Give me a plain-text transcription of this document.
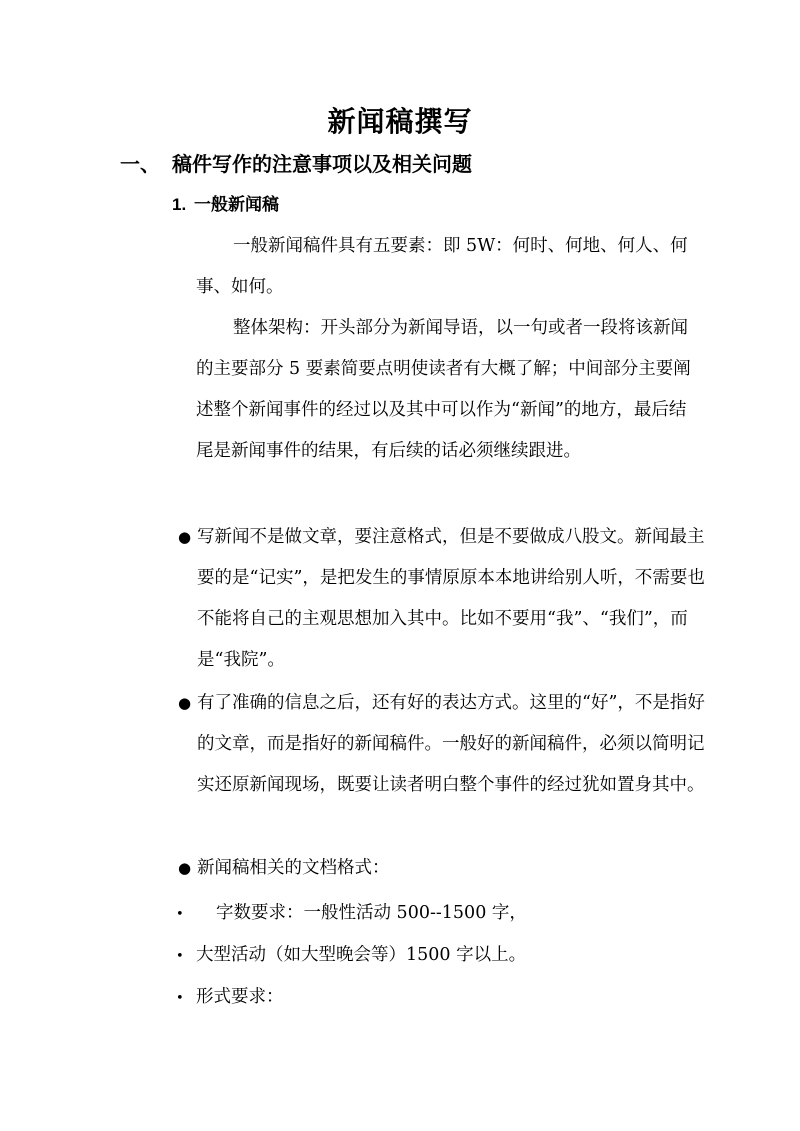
新闻稿撰写
一、 稿件写作的注意事项以及相关问题
1. 一般新闻稿

一般新闻稿件具有五要素：即 5W：何时、何地、何人、何事、如何。

整体架构：开头部分为新闻导语，以一句或者一段将该新闻的主要部分 5 要素简要点明使读者有大概了解；中间部分主要阐述整个新闻事件的经过以及其中可以作为“新闻”的地方，最后结尾是新闻事件的结果，有后续的话必须继续跟进。

● 写新闻不是做文章，要注意格式，但是不要做成八股文。新闻最主要的是“记实”，是把发生的事情原原本本地讲给别人听，不需要也不能将自己的主观思想加入其中。比如不要用“我”、“我们”，而是“我院”。

● 有了准确的信息之后，还有好的表达方式。这里的“好”，不是指好的文章，而是指好的新闻稿件。一般好的新闻稿件，必须以简明记实还原新闻现场，既要让读者明白整个事件的经过犹如置身其中。

● 新闻稿相关的文档格式：

• 字数要求：一般性活动 500--1500 字，

• 大型活动（如大型晚会等）1500 字以上。

• 形式要求：
